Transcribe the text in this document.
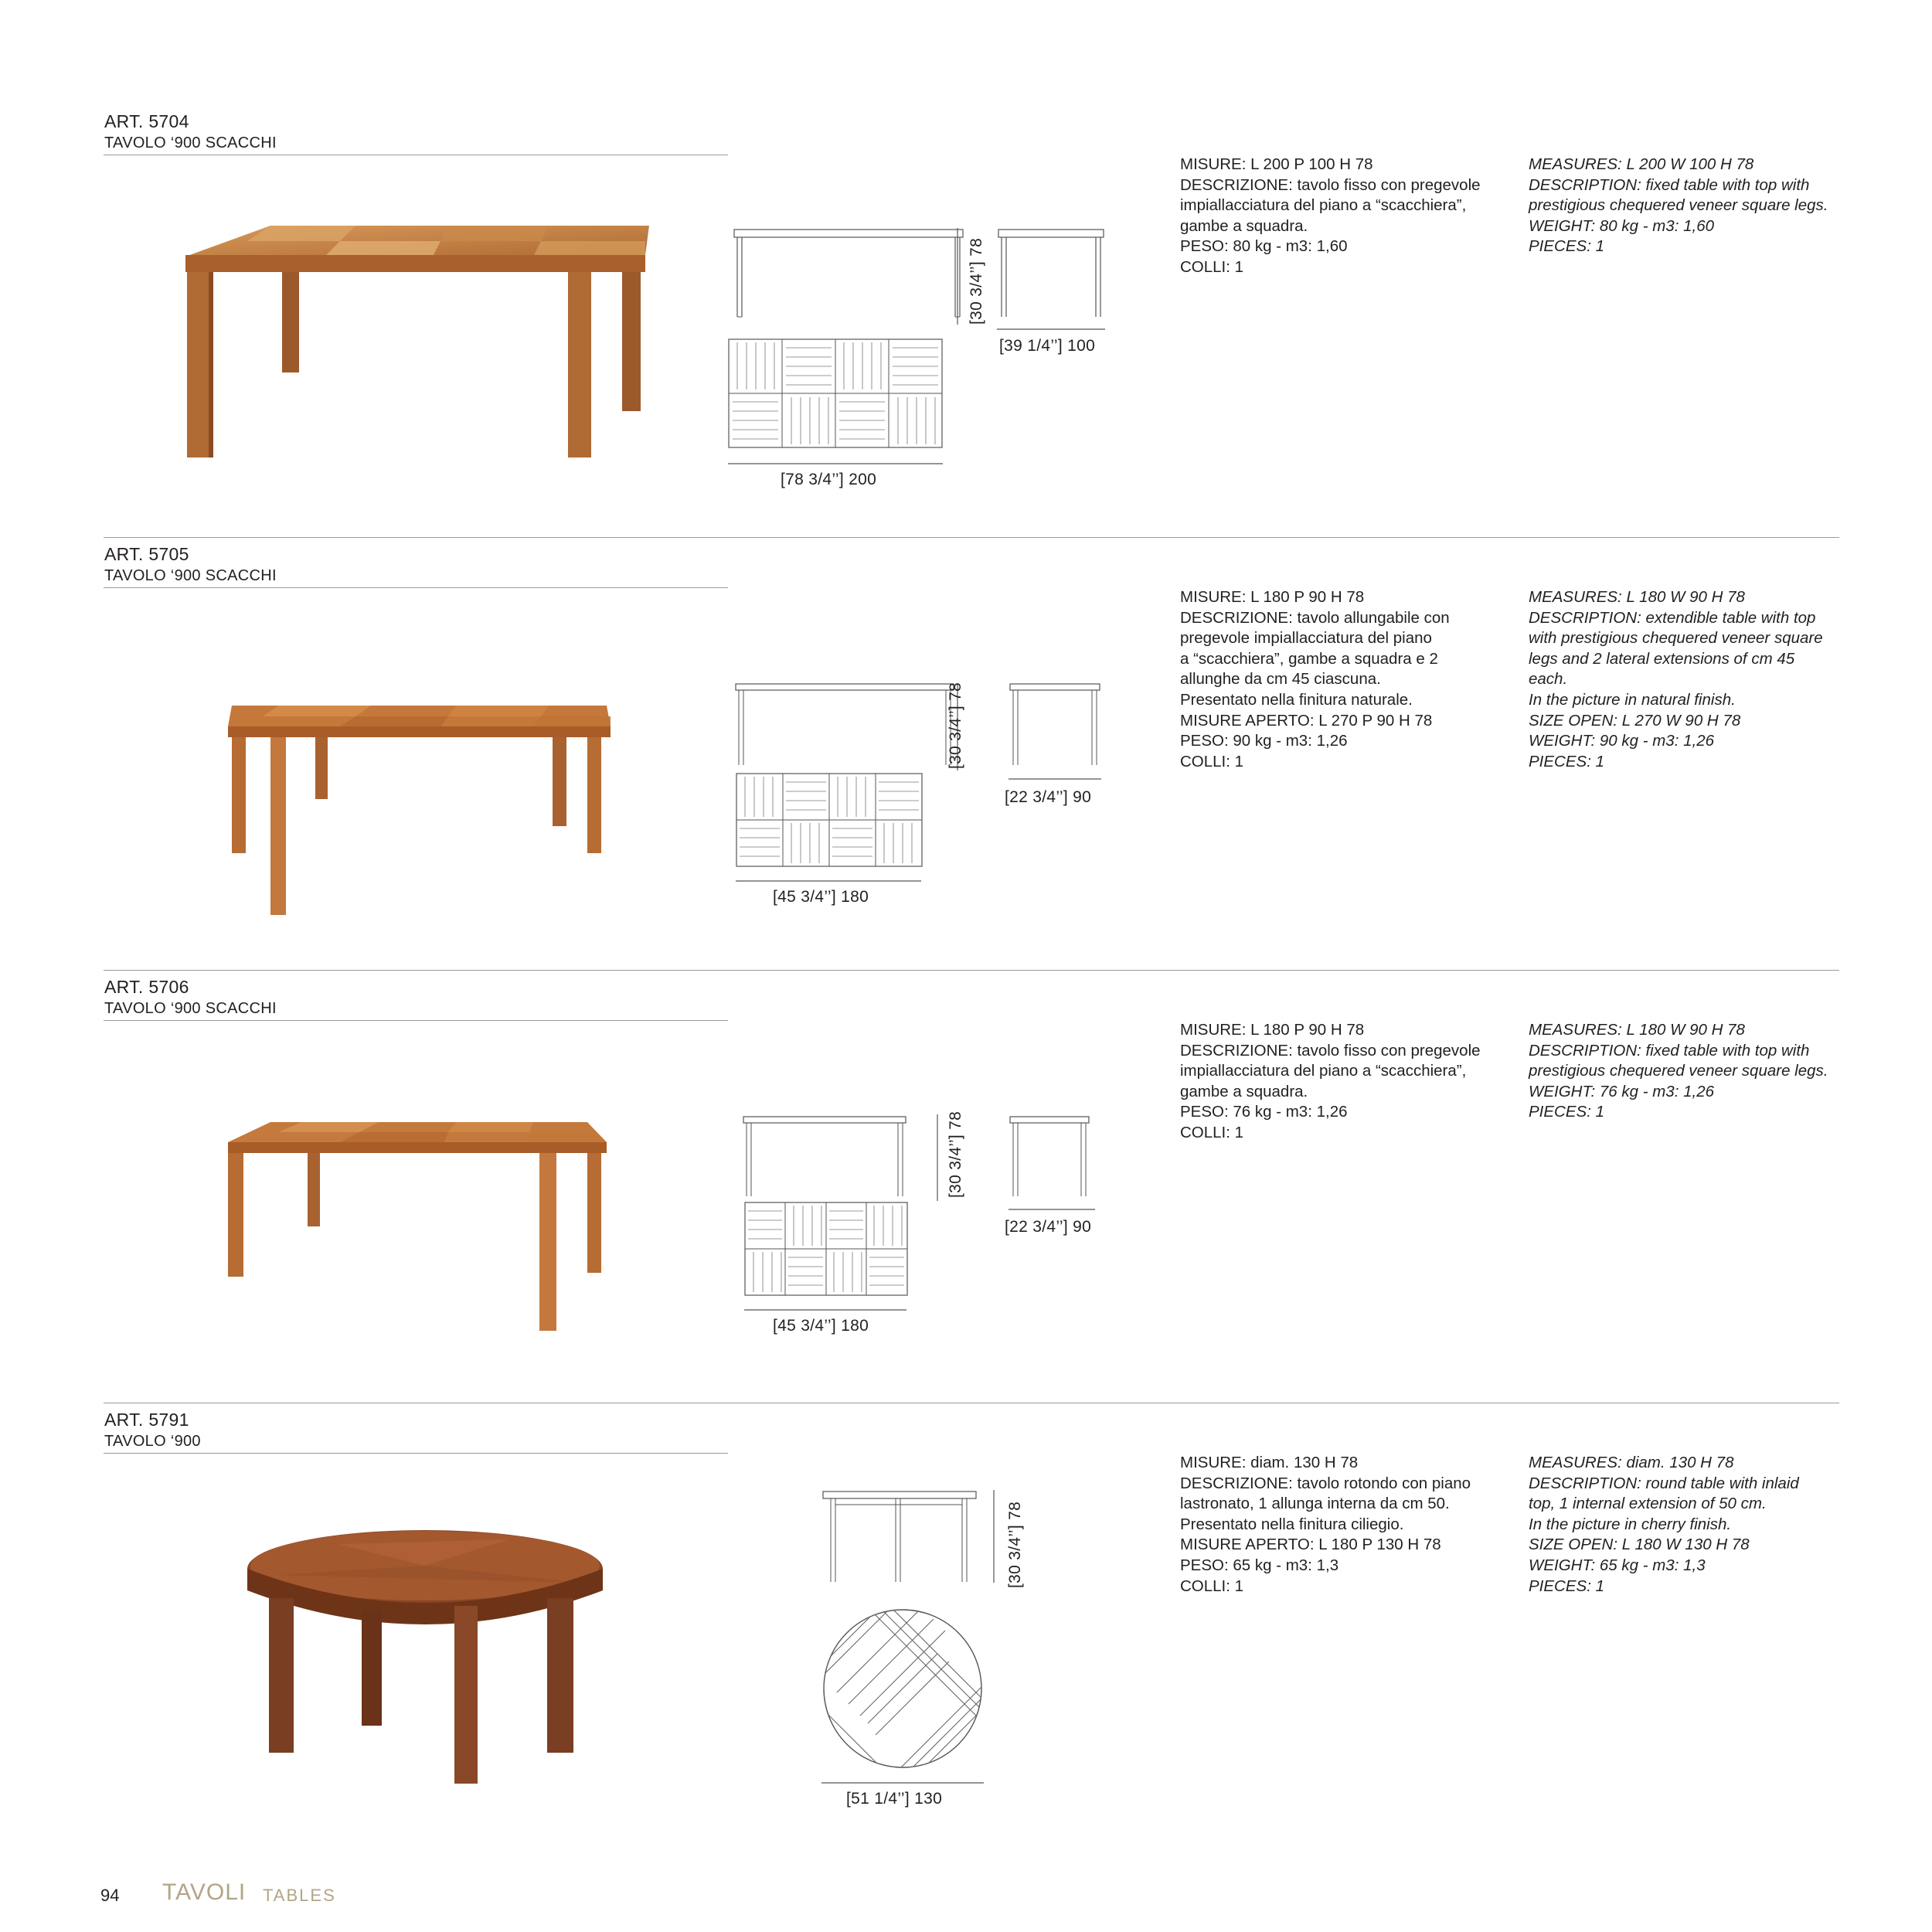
ART. 5704
TAVOLO ‘900 SCACCHI
[30 3/4’’] 78
[39 1/4’’] 100
[78 3/4’’] 200
MISURE: L 200 P 100 H 78
DESCRIZIONE: tavolo fisso con pregevole
impiallacciatura del piano a “scacchiera”,
gambe a squadra.
PESO: 80 kg - m3: 1,60
COLLI: 1
MEASURES: L 200 W 100 H 78
DESCRIPTION: fixed table with top with
prestigious chequered veneer square legs.
WEIGHT: 80 kg - m3: 1,60
PIECES: 1
ART. 5705
TAVOLO ‘900 SCACCHI
[30 3/4’’] 78
[22 3/4’’] 90
[45 3/4’’] 180
MISURE: L 180 P 90 H 78
DESCRIZIONE: tavolo allungabile con
pregevole impiallacciatura del piano
a “scacchiera”, gambe a squadra e 2
allunghe da cm 45 ciascuna.
Presentato nella finitura naturale.
MISURE APERTO: L 270 P 90 H 78
PESO: 90 kg - m3: 1,26
COLLI: 1
MEASURES: L 180 W 90 H 78
DESCRIPTION: extendible table with top
with prestigious chequered veneer square
legs and 2 lateral extensions of cm 45
each.
In the picture in natural finish.
SIZE OPEN: L 270 W 90 H 78
WEIGHT: 90 kg - m3: 1,26
PIECES: 1
ART. 5706
TAVOLO ‘900 SCACCHI
[30 3/4’’] 78
[22 3/4’’] 90
[45 3/4’’] 180
MISURE: L 180 P 90 H 78
DESCRIZIONE: tavolo fisso con pregevole
impiallacciatura del piano a “scacchiera”,
gambe a squadra.
PESO: 76 kg - m3: 1,26
COLLI: 1
MEASURES: L 180 W 90 H 78
DESCRIPTION: fixed table with top with
prestigious chequered veneer square legs.
WEIGHT: 76 kg - m3: 1,26
PIECES: 1
ART. 5791
TAVOLO ‘900
[30 3/4’’] 78
[51 1/4’’] 130
MISURE: diam. 130 H 78
DESCRIZIONE: tavolo rotondo con piano
lastronato, 1 allunga interna da cm 50.
Presentato nella finitura ciliegio.
MISURE APERTO: L 180 P 130 H 78
PESO: 65 kg - m3: 1,3
COLLI: 1
MEASURES: diam. 130 H 78
DESCRIPTION: round table with inlaid
top, 1 internal extension of 50 cm.
In the picture in cherry finish.
SIZE OPEN: L 180 W 130 H 78
WEIGHT: 65 kg - m3: 1,3
PIECES: 1
94 TAVOLI TABLES
